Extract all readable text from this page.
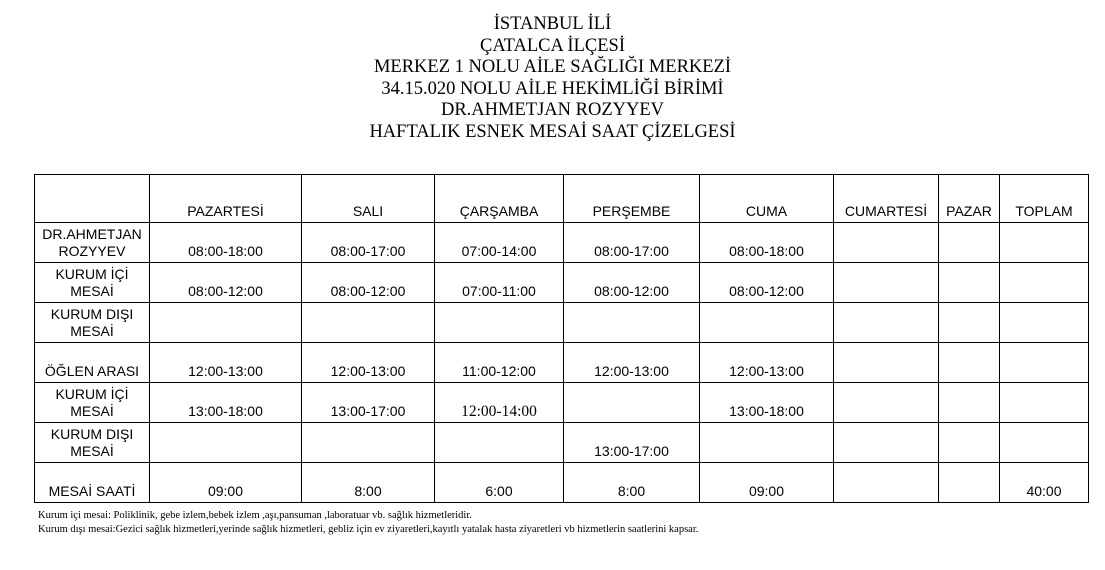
İSTANBUL İLİ
ÇATALCA İLÇESİ
MERKEZ 1 NOLU AİLE SAĞLIĞI MERKEZİ
34.15.020 NOLU AİLE HEKİMLİĞİ BİRİMİ
DR.AHMETJAN ROZYYEV
HAFTALIK ESNEK MESAİ SAAT ÇİZELGESİ
	PAZARTESİ	SALI	ÇARŞAMBA	PERŞEMBE	CUMA	CUMARTESİ	PAZAR	TOPLAM
DR.AHMETJAN
ROZYYEV	08:00-18:00	08:00-17:00	07:00-14:00	08:00-17:00	08:00-18:00			
KURUM İÇİ
MESAİ	08:00-12:00	08:00-12:00	07:00-11:00	08:00-12:00	08:00-12:00			
KURUM DIŞI
MESAİ								
ÖĞLEN ARASI	12:00-13:00	12:00-13:00	11:00-12:00	12:00-13:00	12:00-13:00			
KURUM İÇİ
MESAİ	13:00-18:00	13:00-17:00	12:00-14:00		13:00-18:00			
KURUM DIŞI
MESAİ				13:00-17:00				
MESAİ SAATİ	09:00	8:00	6:00	8:00	09:00			40:00
Kurum içi mesai: Poliklinik, gebe izlem,bebek izlem ,aşı,pansuman ,laboratuar vb. sağlık hizmetleridir.
Kurum dışı mesai:Gezici sağlık hizmetleri,yerinde sağlık hizmetleri, gebliz için ev ziyaretleri,kayıtlı yatalak hasta ziyaretleri vb hizmetlerin saatlerini kapsar.
